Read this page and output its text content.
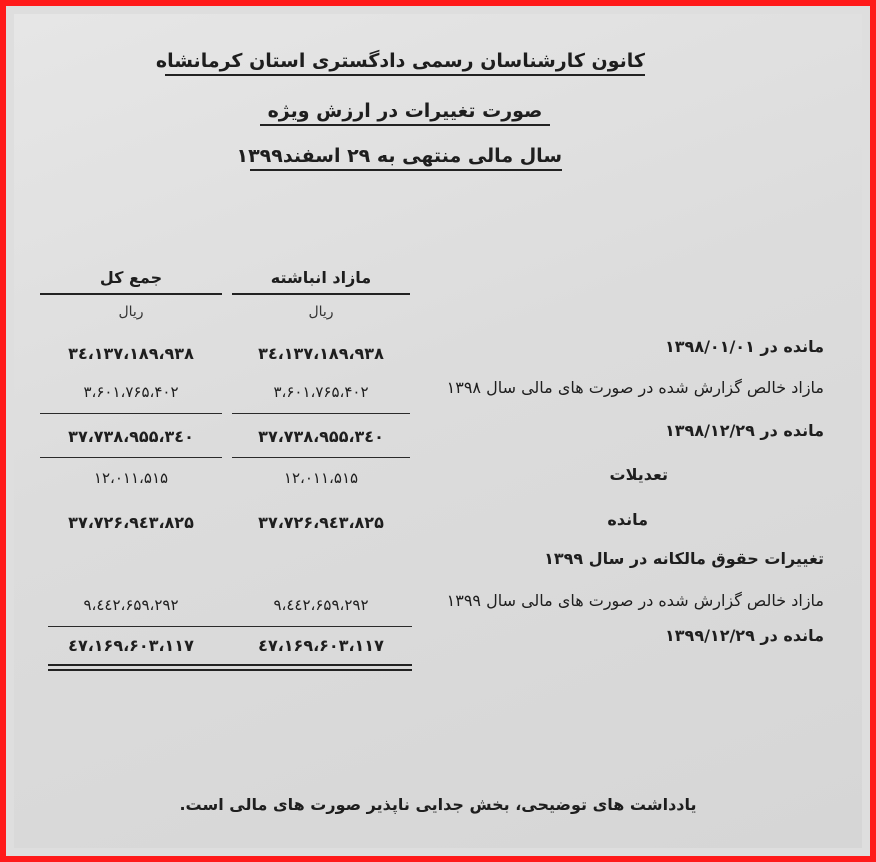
کانون کارشناسان رسمی دادگستری استان کرمانشاه
صورت تغییرات در ارزش ویژه
سال مالی منتهی به ۲۹ اسفند۱۳۹۹
مازاد انباشته
جمع کل
ریال
ریال
مانده در ۱۳۹۸/۰۱/۰۱
۳٤،۱۳۷،۱۸۹،۹۳۸
۳٤،۱۳۷،۱۸۹،۹۳۸
مازاد خالص گزارش شده در صورت های مالی سال ۱۳۹۸
۳،۶۰۱،۷۶۵،۴۰۲
۳،۶۰۱،۷۶۵،۴۰۲
مانده در ۱۳۹۸/۱۲/۲۹
۳۷،۷۳۸،۹۵۵،۳٤۰
۳۷،۷۳۸،۹۵۵،۳٤۰
تعدیلات
۱۲،۰۱۱،۵۱۵
۱۲،۰۱۱،۵۱۵
مانده
۳۷،۷۲۶،۹٤۳،۸۲۵
۳۷،۷۲۶،۹٤۳،۸۲۵
تغییرات حقوق مالکانه در سال ۱۳۹۹
مازاد خالص گزارش شده در صورت های مالی سال ۱۳۹۹
۹،٤٤۲،۶۵۹،۲۹۲
۹،٤٤۲،۶۵۹،۲۹۲
مانده در ۱۳۹۹/۱۲/۲۹
٤۷،۱۶۹،۶۰۳،۱۱۷
٤۷،۱۶۹،۶۰۳،۱۱۷
یادداشت های توضیحی، بخش جدایی ناپذیر صورت های مالی است.
